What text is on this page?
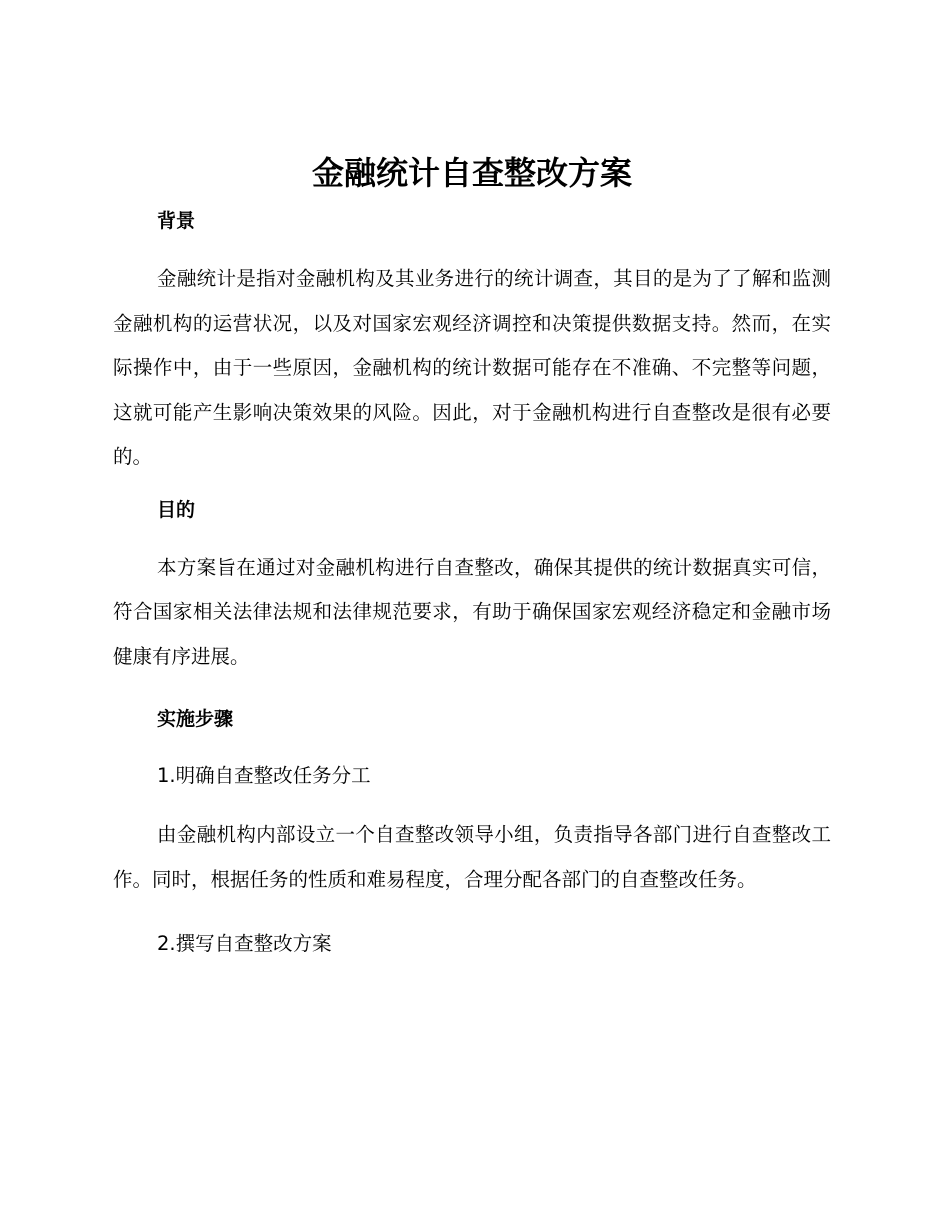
金融统计自查整改方案
背景

金融统计是指对金融机构及其业务进行的统计调查，其目的是为了了解和监测金融机构的运营状况，以及对国家宏观经济调控和决策提供数据支持。然而，在实际操作中，由于一些原因，金融机构的统计数据可能存在不准确、不完整等问题，这就可能产生影响决策效果的风险。因此，对于金融机构进行自查整改是很有必要的。

目的

本方案旨在通过对金融机构进行自查整改，确保其提供的统计数据真实可信，符合国家相关法律法规和法律规范要求，有助于确保国家宏观经济稳定和金融市场健康有序进展。

实施步骤

1.明确自查整改任务分工

由金融机构内部设立一个自查整改领导小组，负责指导各部门进行自查整改工作。同时，根据任务的性质和难易程度，合理分配各部门的自查整改任务。

2.撰写自查整改方案
